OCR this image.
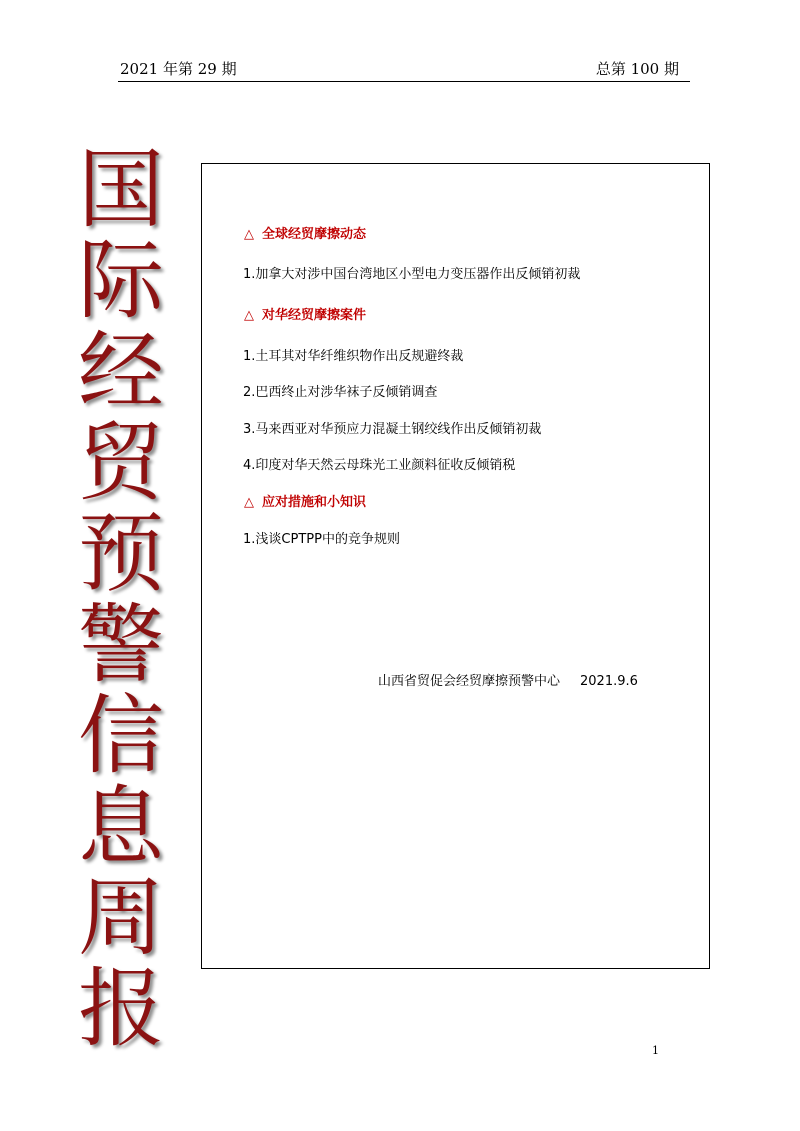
2021 年第 29 期	总第 100 期
国
际
经
贸
预
警
信
息
周
报
△ 全球经贸摩擦动态
1.加拿大对涉中国台湾地区小型电力变压器作出反倾销初裁
△ 对华经贸摩擦案件
1.土耳其对华纤维织物作出反规避终裁
2.巴西终止对涉华袜子反倾销调查
3.马来西亚对华预应力混凝土钢绞线作出反倾销初裁
4.印度对华天然云母珠光工业颜料征收反倾销税
△ 应对措施和小知识
1.浅谈CPTPP中的竞争规则
山西省贸促会经贸摩擦预警中心 2021.9.6
1
